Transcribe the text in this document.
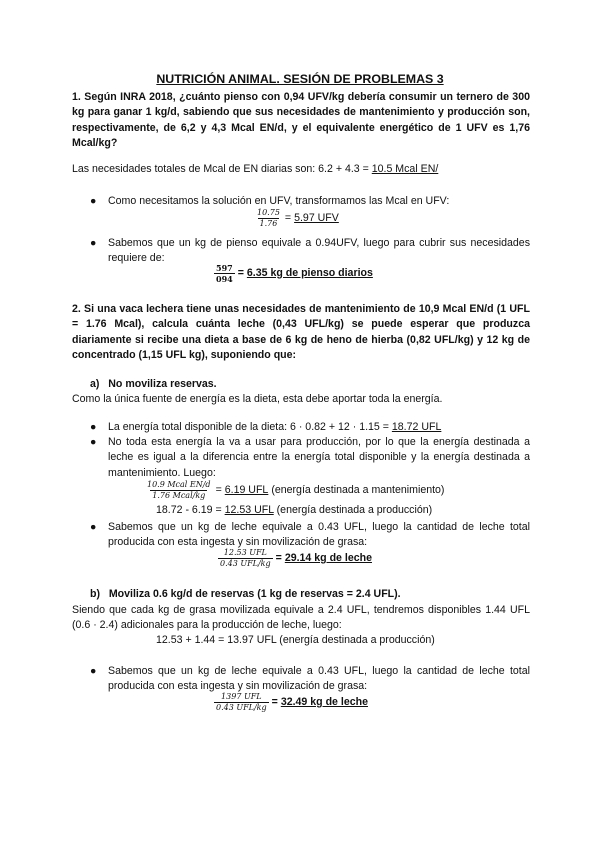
NUTRICIÓN ANIMAL. SESIÓN DE PROBLEMAS 3
1. Según INRA 2018, ¿cuánto pienso con 0,94 UFV/kg debería consumir un ternero de 300 kg para ganar 1 kg/d, sabiendo que sus necesidades de mantenimiento y producción son, respectivamente, de 6,2 y 4,3 Mcal EN/d, y el equivalente energético de 1 UFV es 1,76 Mcal/kg?
Las necesidades totales de Mcal de EN diarias son: 6.2 + 4.3 = 10.5 Mcal EN/
●	Como necesitamos la solución en UFV, transformamos las Mcal en UFV:
$\frac{10.75}{1.76} = 5.97$ UFV
●	Sabemos que un kg de pienso equivale a 0.94UFV, luego para cubrir sus necesidades requiere de:
$\frac{597}{094} = 6.35$ kg de pienso diarios
2. Si una vaca lechera tiene unas necesidades de mantenimiento de 10,9 Mcal EN/d (1 UFL = 1.76 Mcal), calcula cuánta leche (0,43 UFL/kg) se puede esperar que produzca diariamente si recibe una dieta a base de 6 kg de heno de hierba (0,82 UFL/kg) y 12 kg de concentrado (1,15 UFL kg), suponiendo que:
a) No moviliza reservas.
Como la única fuente de energía es la dieta, esta debe aportar toda la energía.
●	La energía total disponible de la dieta: 6 · 0.82 + 12 · 1.15 = 18.72 UFL
●	No toda esta energía la va a usar para producción, por lo que la energía destinada a leche es igual a la diferencia entre la energía total disponible y la energía destinada a mantenimiento. Luego:
$\frac{\text{10.9 Mcal EN/d}}{\text{1.76 Mcal/kg}} = 6.19$ UFL (energía destinada a mantenimiento)
18.72 - 6.19 = 12.53 UFL (energía destinada a producción)
●	Sabemos que un kg de leche equivale a 0.43 UFL, luego la cantidad de leche total producida con esta ingesta y sin movilización de grasa:
$\frac{\text{12.53 UFL}}{\text{0.43 UFL/kg}} = 29.14$ kg de leche
b) Moviliza 0.6 kg/d de reservas (1 kg de reservas = 2.4 UFL).
Siendo que cada kg de grasa movilizada equivale a 2.4 UFL, tendremos disponibles 1.44 UFL (0.6 · 2.4) adicionales para la producción de leche, luego:
12.53 + 1.44 = 13.97 UFL (energía destinada a producción)
●	Sabemos que un kg de leche equivale a 0.43 UFL, luego la cantidad de leche total producida con esta ingesta y sin movilización de grasa:
$\frac{\text{1397 UFL}}{\text{0.43 UFL/kg}} = 32.49$ kg de leche
